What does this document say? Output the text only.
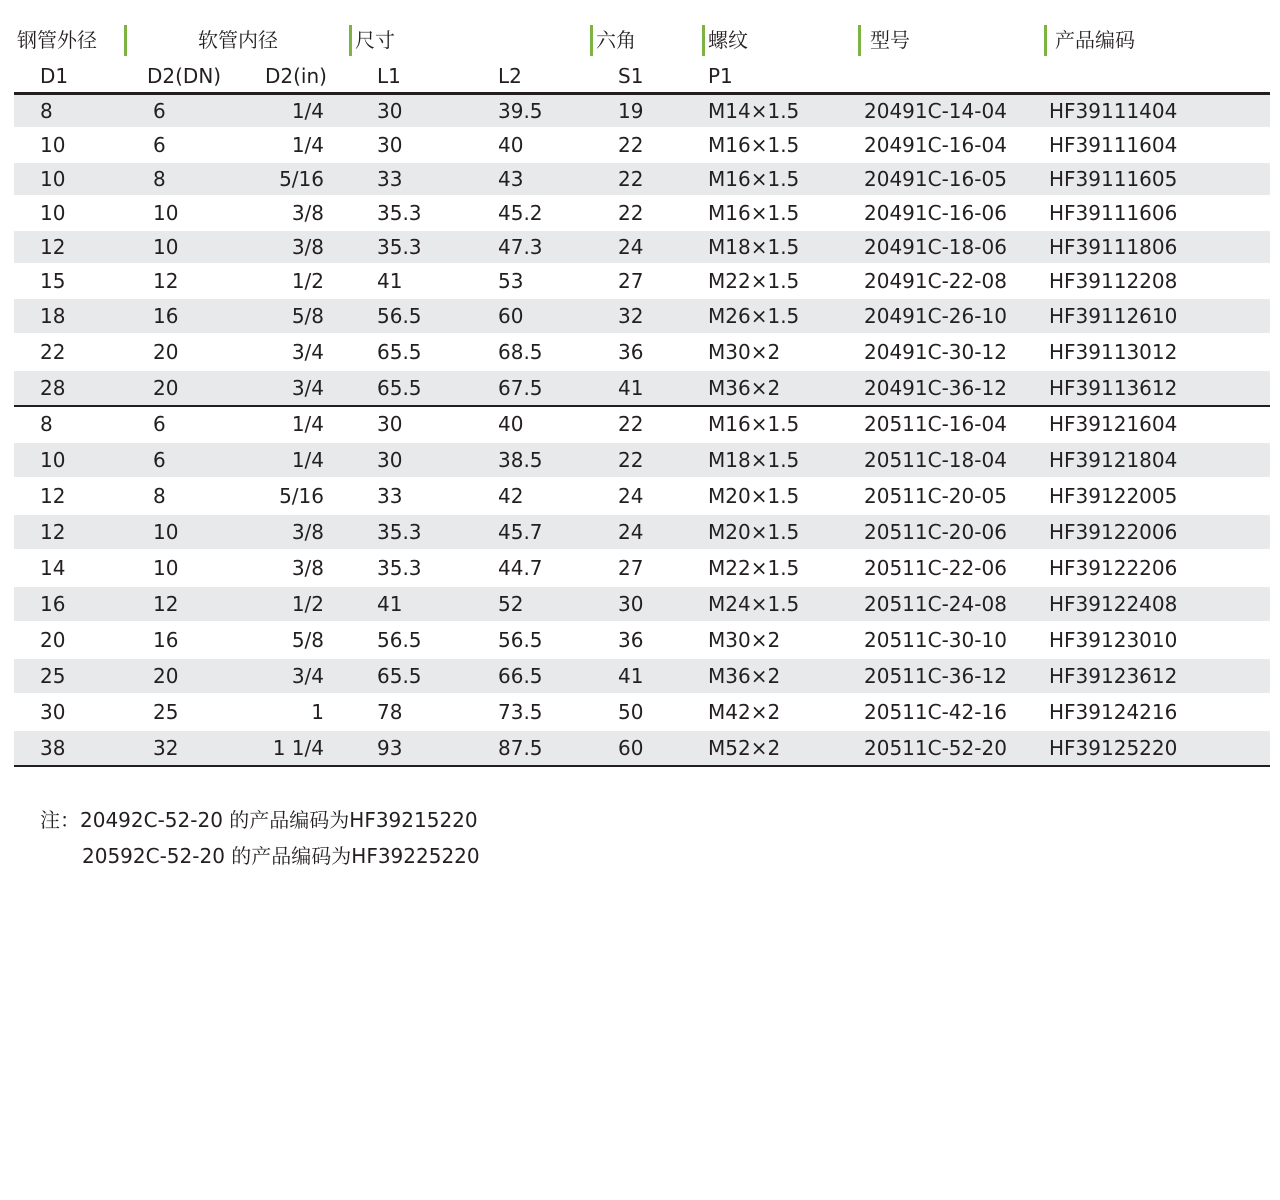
钢管外径	软管内径	尺寸	六角	螺纹	型号	产品编码
D1	D2(DN) D2(in)	L1	L2	S1	P1
8	6	1/4	30	39.5	19	M14×1.5	20491C-14-04 HF39111404
10	6	1/4	30	40	22	M16×1.5	20491C-16-04 HF39111604
10	8	5/16	33	43	22	M16×1.5	20491C-16-05 HF39111605
10	10	3/8	35.3	45.2	22	M16×1.5	20491C-16-06 HF39111606
12	10	3/8	35.3	47.3	24	M18×1.5	20491C-18-06 HF39111806
15	12	1/2	41	53	27	M22×1.5	20491C-22-08 HF39112208
18	16	5/8	56.5	60	32	M26×1.5	20491C-26-10 HF39112610
22	20	3/4	65.5	68.5	36	M30×2	20491C-30-12 HF39113012
28	20	3/4	65.5	67.5	41	M36×2	20491C-36-12 HF39113612
8	6	1/4	30	40	22	M16×1.5	20511C-16-04 HF39121604
10	6	1/4	30	38.5	22	M18×1.5	20511C-18-04 HF39121804
12	8	5/16	33	42	24	M20×1.5	20511C-20-05 HF39122005
12	10	3/8	35.3	45.7	24	M20×1.5	20511C-20-06 HF39122006
14	10	3/8	35.3	44.7	27	M22×1.5	20511C-22-06 HF39122206
16	12	1/2	41	52	30	M24×1.5	20511C-24-08 HF39122408
20	16	5/8	56.5	56.5	36	M30×2	20511C-30-10 HF39123010
25	20	3/4	65.5	66.5	41	M36×2	20511C-36-12 HF39123612
30	25	1	78	73.5	50	M42×2	20511C-42-16 HF39124216
38	32	1 1/4	93	87.5	60	M52×2	20511C-52-20 HF39125220
注：20492C-52-20 的产品编码为HF39215220
20592C-52-20 的产品编码为HF39225220
